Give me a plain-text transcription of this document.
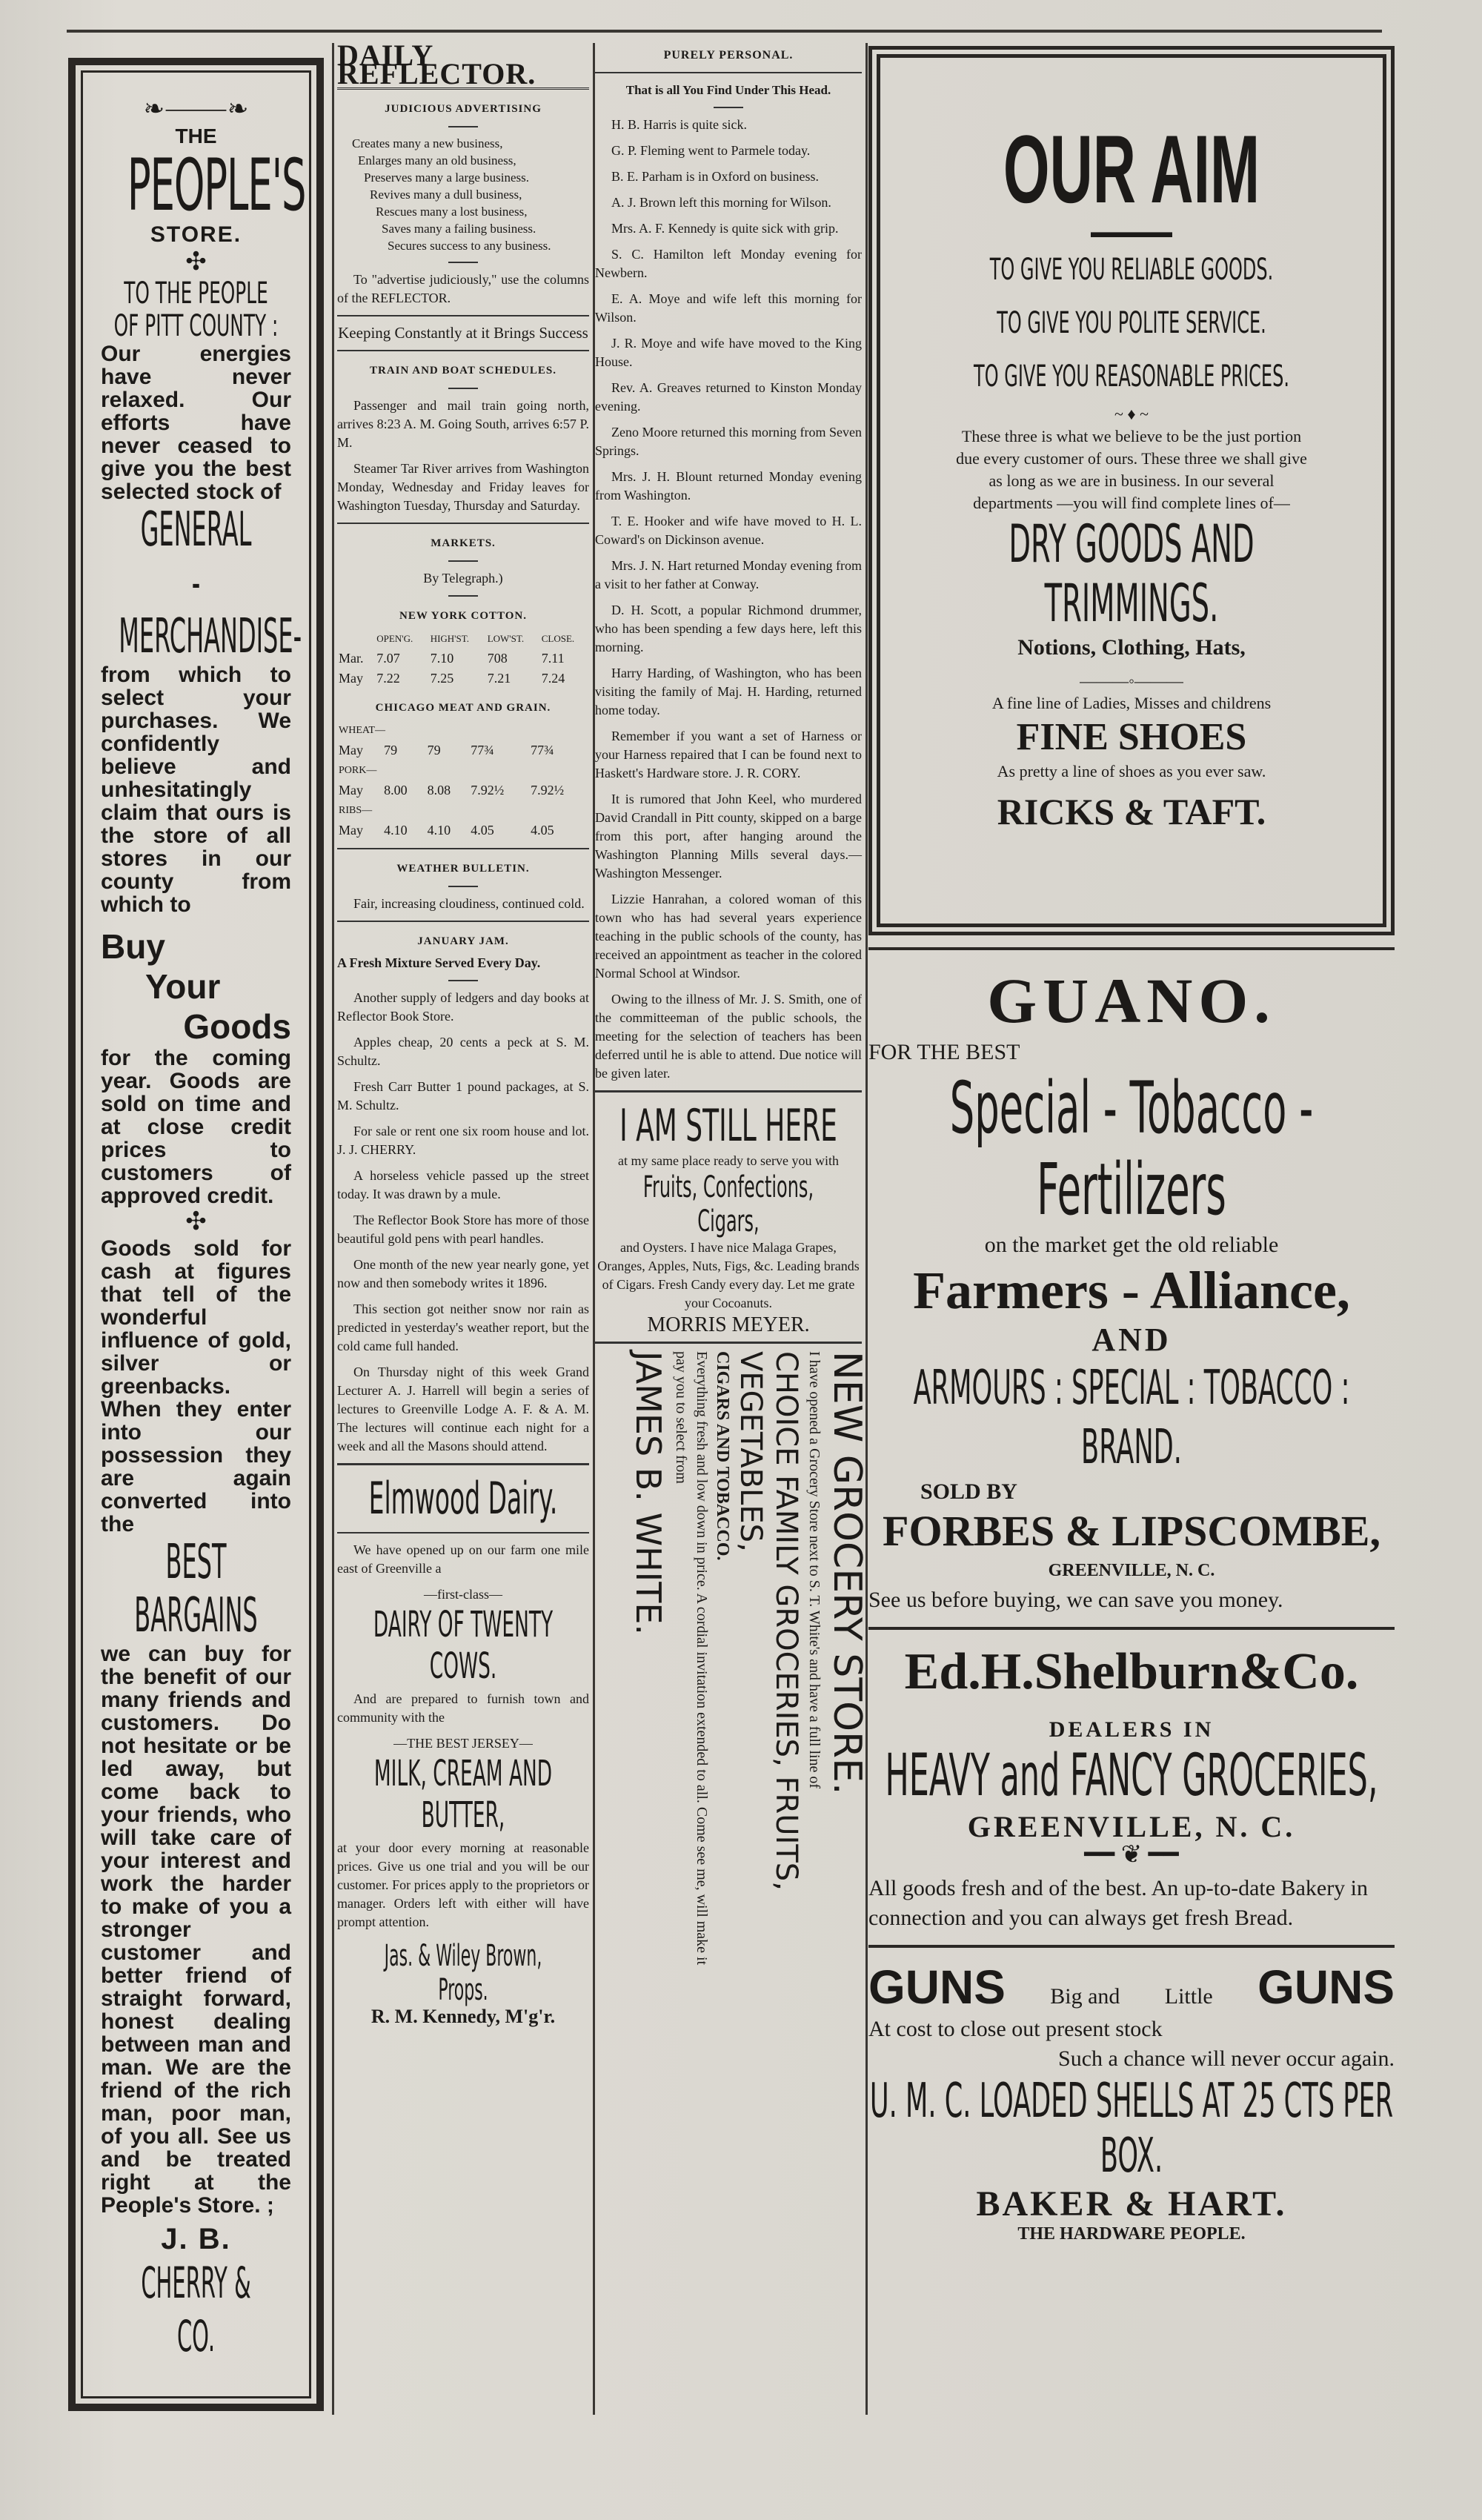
❧⸻❧
THE
PEOPLE'S
STORE.
✣
TO THE PEOPLE OF PITT COUNTY :
Our energies have never relaxed. Our efforts have never ceased to give you the best selected stock of
GENERAL
-MERCHANDISE-
from which to select your purchases. We confidently believe and unhesitatingly claim that ours is the store of all stores in our county from which to
Buy
Your
Goods
for the coming year. Goods are sold on time and at close credit prices to customers of approved credit.
✣
Goods sold for cash at figures that tell of the wonderful influence of gold, silver or greenbacks. When they enter into our possession they are again converted into the
BEST BARGAINS
we can buy for the benefit of our many friends and customers. Do not hesitate or be led away, but come back to your friends, who will take care of your interest and work the harder to make of you a stronger customer and better friend of straight forward, honest dealing between man and man. We are the friend of the rich man, poor man, of you all. See us and be treated right at the People's Store. ;
J. B.
CHERRY & CO.
DAILY REFLECTOR.
JUDICIOUS ADVERTISING
Creates many a new business,
Enlarges many an old business,
Preserves many a large business.
Revives many a dull business,
Rescues many a lost business,
Saves many a failing business.
Secures success to any business.
To "advertise judiciously," use the columns of the REFLECTOR.
Keeping Constantly at it Brings Success
TRAIN AND BOAT SCHEDULES.
Passenger and mail train going north, arrives 8:23 A. M. Going South, arrives 6:57 P. M.
Steamer Tar River arrives from Washington Monday, Wednesday and Friday leaves for Washington Tuesday, Thursday and Saturday.
MARKETS.
By Telegraph.)
NEW YORK COTTON.
	OPEN'G.	HIGH'ST.	LOW'ST.	CLOSE.
Mar.	7.07	7.10	708	7.11
May	7.22	7.25	7.21	7.24
CHICAGO MEAT AND GRAIN.
WHEAT—				
May	79	79	77¾	77¾
PORK—				
May	8.00	8.08	7.92½	7.92½
RIBS—				
May	4.10	4.10	4.05	4.05
WEATHER BULLETIN.
Fair, increasing cloudiness, continued cold.
JANUARY JAM.
A Fresh Mixture Served Every Day.
Another supply of ledgers and day books at Reflector Book Store.
Apples cheap, 20 cents a peck at S. M. Schultz.
Fresh Carr Butter 1 pound packages, at S. M. Schultz.
For sale or rent one six room house and lot. J. J. CHERRY.
A horseless vehicle passed up the street today. It was drawn by a mule.
The Reflector Book Store has more of those beautiful gold pens with pearl handles.
One month of the new year nearly gone, yet now and then somebody writes it 1896.
This section got neither snow nor rain as predicted in yesterday's weather report, but the cold came full handed.
On Thursday night of this week Grand Lecturer A. J. Harrell will begin a series of lectures to Greenville Lodge A. F. & A. M. The lectures will continue each night for a week and all the Masons should attend.
Elmwood Dairy.
We have opened up on our farm one mile east of Greenville a
—first-class—
DAIRY OF TWENTY COWS.
And are prepared to furnish town and community with the
—THE BEST JERSEY—
MILK, CREAM AND BUTTER,
at your door every morning at reasonable prices. Give us one trial and you will be our customer. For prices apply to the proprietors or manager. Orders left with either will have prompt attention.
Jas. & Wiley Brown, Props.
R. M. Kennedy, M'g'r.
PURELY PERSONAL.
That is all You Find Under This Head.
H. B. Harris is quite sick.
G. P. Fleming went to Parmele today.
B. E. Parham is in Oxford on business.
A. J. Brown left this morning for Wilson.
Mrs. A. F. Kennedy is quite sick with grip.
S. C. Hamilton left Monday evening for Newbern.
E. A. Moye and wife left this morning for Wilson.
J. R. Moye and wife have moved to the King House.
Rev. A. Greaves returned to Kinston Monday evening.
Zeno Moore returned this morning from Seven Springs.
Mrs. J. H. Blount returned Monday evening from Washington.
T. E. Hooker and wife have moved to H. L. Coward's on Dickinson avenue.
Mrs. J. N. Hart returned Monday evening from a visit to her father at Conway.
D. H. Scott, a popular Richmond drummer, who has been spending a few days here, left this morning.
Harry Harding, of Washington, who has been visiting the family of Maj. H. Harding, returned home today.
Remember if you want a set of Harness or your Harness repaired that I can be found next to Haskett's Hardware store. J. R. CORY.
It is rumored that John Keel, who murdered David Crandall in Pitt county, skipped on a barge from this port, after hanging around the Washington Planning Mills several days.—Washington Messenger.
Lizzie Hanrahan, a colored woman of this town who has had several years experience teaching in the public schools of the county, has received an appointment as teacher in the colored Normal School at Windsor.
Owing to the illness of Mr. J. S. Smith, one of the committeeman of the public schools, the meeting for the selection of teachers has been deferred until he is able to attend. Due notice will be given later.
I AM STILL HERE
at my same place ready to serve you with
Fruits, Confections, Cigars,
and Oysters. I have nice Malaga Grapes, Oranges, Apples, Nuts, Figs, &c. Leading brands of Cigars. Fresh Candy every day. Let me grate your Cocoanuts.
MORRIS MEYER.
NEW GROCERY STORE.
I have opened a Grocery Store next to S. T. White's and have a full line of
CHOICE FAMILY GROCERIES, FRUITS, VEGETABLES,
CIGARS AND TOBACCO.
Everything fresh and low down in price. A cordial invitation extended to all. Come see me, will make it pay you to select from
JAMES B. WHITE.
OUR AIM
▬▬▬▬▬
TO GIVE YOU RELIABLE GOODS.
TO GIVE YOU POLITE SERVICE.
TO GIVE YOU REASONABLE PRICES.
~ ♦ ~
These three is what we believe to be the just portion due every customer of ours. These three we shall give as long as we are in business. In our several departments —you will find complete lines of—
DRY GOODS AND TRIMMINGS.
Notions, Clothing, Hats,
———◦———
A fine line of Ladies, Misses and childrens
FINE SHOES
As pretty a line of shoes as you ever saw.
RICKS & TAFT.
GUANO.
FOR THE BEST
Special - Tobacco - Fertilizers
on the market get the old reliable
Farmers - Alliance,
AND
ARMOURS : SPECIAL : TOBACCO : BRAND.
SOLD BY
FORBES & LIPSCOMBE,
GREENVILLE, N. C.
See us before buying, we can save you money.
Ed.H.Shelburn&Co.
DEALERS IN
HEAVY and FANCY GROCERIES,
GREENVILLE, N. C.
━━ ❦ ━━
All goods fresh and of the best. An up-to-date Bakery in connection and you can always get fresh Bread.
GUNS Big and Little GUNS
At cost to close out present stock
Such a chance will never occur again.
U. M. C. LOADED SHELLS AT 25 CTS PER BOX.
BAKER & HART.
THE HARDWARE PEOPLE.
